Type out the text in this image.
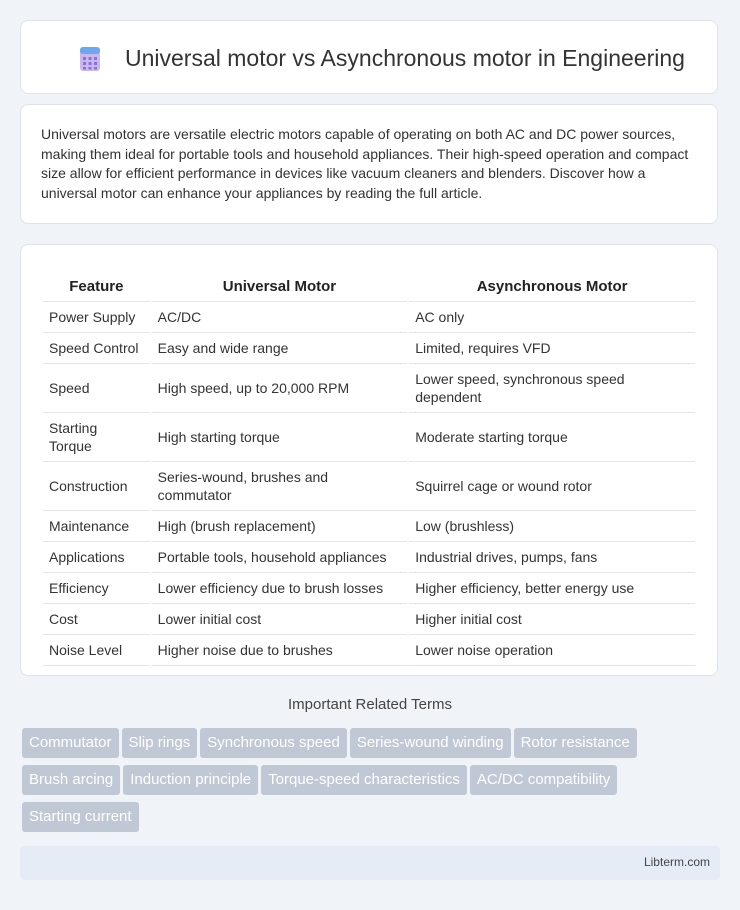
Universal motor vs Asynchronous motor in Engineering

Universal motors are versatile electric motors capable of operating on both AC and DC power sources, making them ideal for portable tools and household appliances. Their high-speed operation and compact size allow for efficient performance in devices like vacuum cleaners and blenders. Discover how a universal motor can enhance your appliances by reading the full article.

Feature	Universal Motor	Asynchronous Motor
Power Supply	AC/DC	AC only
Speed Control	Easy and wide range	Limited, requires VFD
Speed	High speed, up to 20,000 RPM	Lower speed, synchronous speed dependent
Starting Torque	High starting torque	Moderate starting torque
Construction	Series-wound, brushes and commutator	Squirrel cage or wound rotor
Maintenance	High (brush replacement)	Low (brushless)
Applications	Portable tools, household appliances	Industrial drives, pumps, fans
Efficiency	Lower efficiency due to brush losses	Higher efficiency, better energy use
Cost	Lower initial cost	Higher initial cost
Noise Level	Higher noise due to brushes	Lower noise operation
Important Related Terms
Commutator Slip rings Synchronous speed Series-wound winding Rotor resistance
Brush arcing Induction principle Torque-speed characteristics AC/DC compatibility
Starting current
Libterm.com
